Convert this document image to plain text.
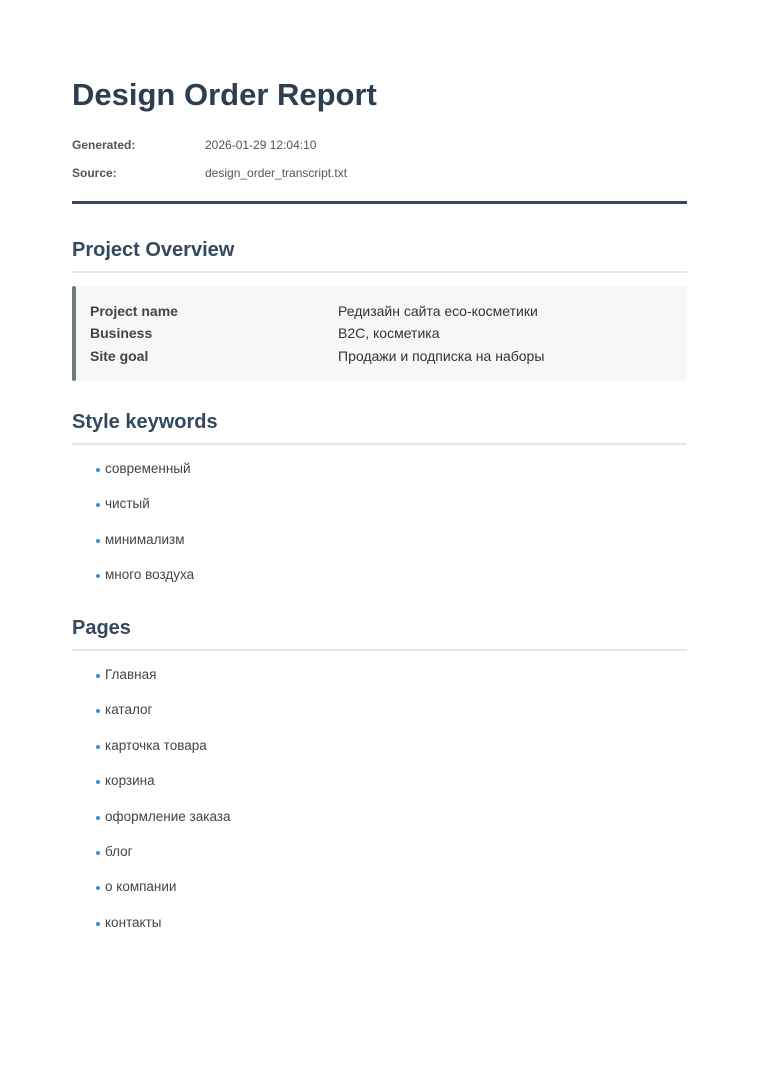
Design Order Report
Generated:	2026-01-29 12:04:10
Source:	design_order_transcript.txt
Project Overview
Project name	Редизайн сайта eco-косметики
Business	B2C, косметика
Site goal	Продажи и подписка на наборы
Style keywords
современный
чистый
минимализм
много воздуха
Pages
Главная
каталог
карточка товара
корзина
оформление заказа
блог
о компании
контакты
